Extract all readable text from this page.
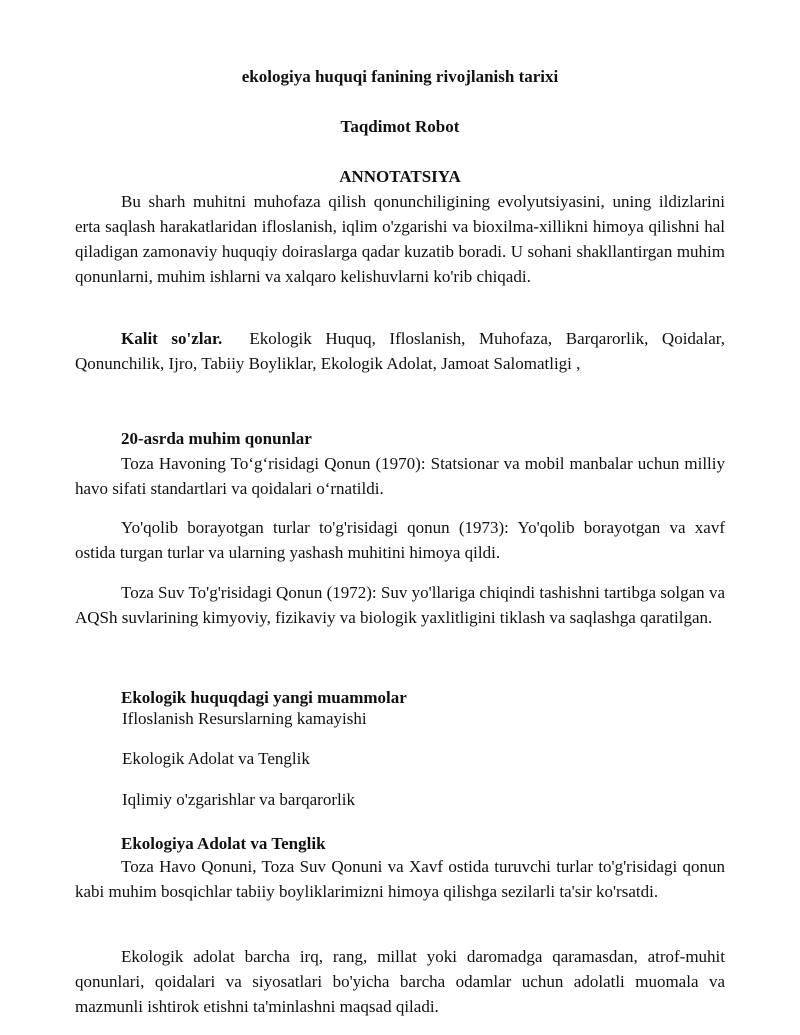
ekologiya huquqi fanining rivojlanish tarixi

Taqdimot Robot

ANNOTATSIYA

Bu sharh muhitni muhofaza qilish qonunchiligining evolyutsiyasini, uning ildizlarini erta saqlash harakatlaridan ifloslanish, iqlim o'zgarishi va bioxilma-xillikni himoya qilishni hal qiladigan zamonaviy huquqiy doiraslarga qadar kuzatib boradi. U sohani shakllantirgan muhim qonunlarni, muhim ishlarni va xalqaro kelishuvlarni ko'rib chiqadi.

Kalit so'zlar. Ekologik Huquq, Ifloslanish, Muhofaza, Barqarorlik, Qoidalar, Qonunchilik, Ijro, Tabiiy Boyliklar, Ekologik Adolat, Jamoat Salomatligi ,

20-asrda muhim qonunlar

Toza Havoning To‘g‘risidagi Qonun (1970): Statsionar va mobil manbalar uchun milliy havo sifati standartlari va qoidalari o‘rnatildi.

Yo'qolib borayotgan turlar to'g'risidagi qonun (1973): Yo'qolib borayotgan va xavf ostida turgan turlar va ularning yashash muhitini himoya qildi.

Toza Suv To'g'risidagi Qonun (1972): Suv yo'llariga chiqindi tashishni tartibga solgan va AQSh suvlarining kimyoviy, fizikaviy va biologik yaxlitligini tiklash va saqlashga qaratilgan.

Ekologik huquqdagi yangi muammolar

Ifloslanish Resurslarning kamayishi

Ekologik Adolat va Tenglik

Iqlimiy o'zgarishlar va barqarorlik

Ekologiya Adolat va Tenglik

Toza Havo Qonuni, Toza Suv Qonuni va Xavf ostida turuvchi turlar to'g'risidagi qonun kabi muhim bosqichlar tabiiy boyliklarimizni himoya qilishga sezilarli ta'sir ko'rsatdi.

Ekologik adolat barcha irq, rang, millat yoki daromadga qaramasdan, atrof-muhit qonunlari, qoidalari va siyosatlari bo'yicha barcha odamlar uchun adolatli muomala va mazmunli ishtirok etishni ta'minlashni maqsad qiladi.
